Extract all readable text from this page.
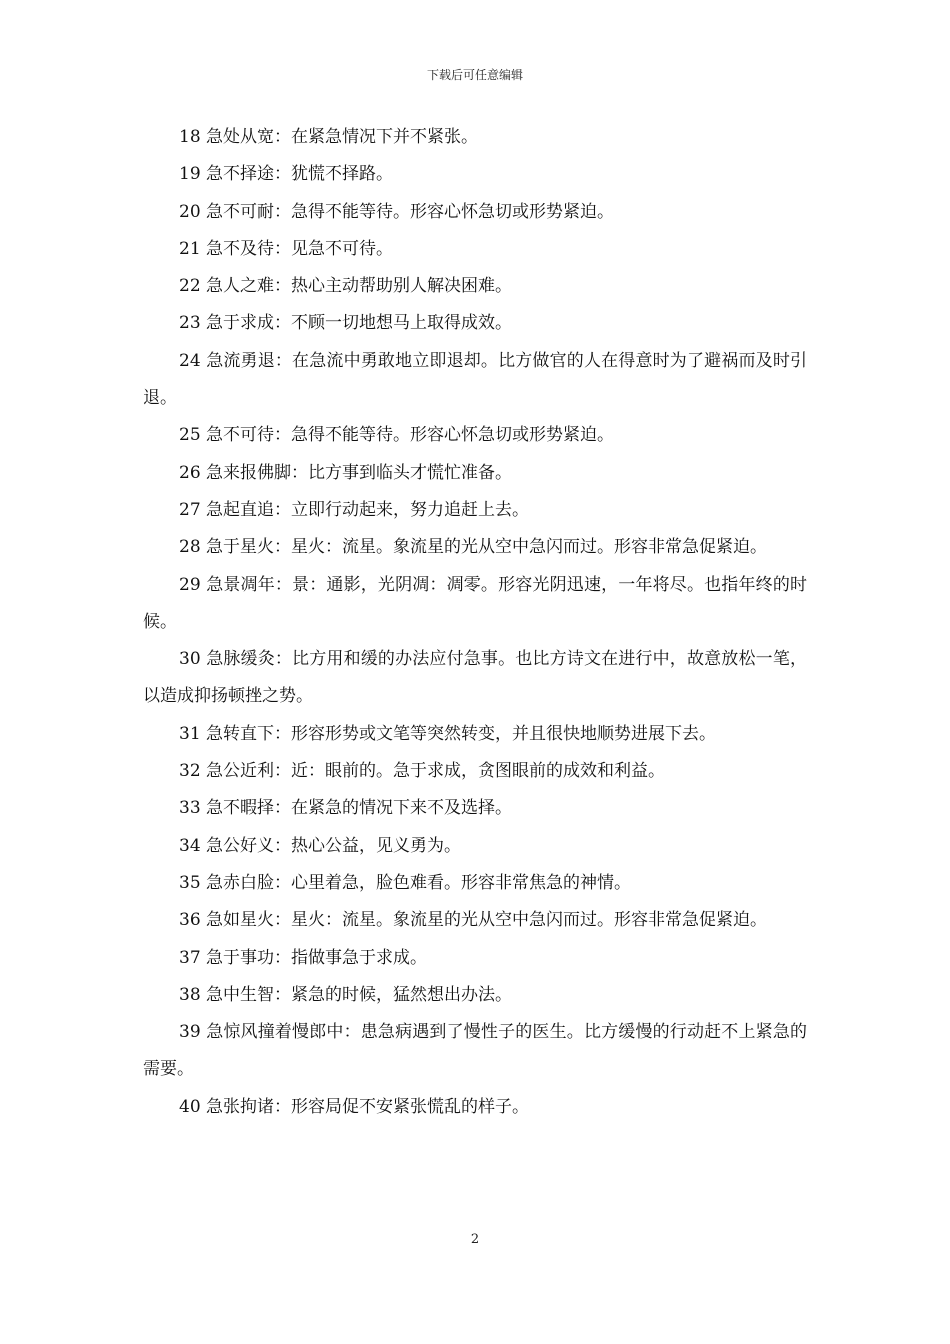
下载后可任意编辑

18 急处从宽：在紧急情况下并不紧张。

19 急不择途：犹慌不择路。

20 急不可耐：急得不能等待。形容心怀急切或形势紧迫。

21 急不及待：见急不可待。

22 急人之难：热心主动帮助别人解决困难。

23 急于求成：不顾一切地想马上取得成效。

24 急流勇退：在急流中勇敢地立即退却。比方做官的人在得意时为了避祸而及时引退。

25 急不可待：急得不能等待。形容心怀急切或形势紧迫。

26 急来报佛脚：比方事到临头才慌忙准备。

27 急起直追：立即行动起来，努力追赶上去。

28 急于星火：星火：流星。象流星的光从空中急闪而过。形容非常急促紧迫。

29 急景凋年：景：通影，光阴凋：凋零。形容光阴迅速，一年将尽。也指年终的时候。

30 急脉缓灸：比方用和缓的办法应付急事。也比方诗文在进行中，故意放松一笔，以造成抑扬顿挫之势。

31 急转直下：形容形势或文笔等突然转变，并且很快地顺势进展下去。

32 急公近利：近：眼前的。急于求成，贪图眼前的成效和利益。

33 急不暇择：在紧急的情况下来不及选择。

34 急公好义：热心公益，见义勇为。

35 急赤白脸：心里着急，脸色难看。形容非常焦急的神情。

36 急如星火：星火：流星。象流星的光从空中急闪而过。形容非常急促紧迫。

37 急于事功：指做事急于求成。

38 急中生智：紧急的时候，猛然想出办法。

39 急惊风撞着慢郎中：患急病遇到了慢性子的医生。比方缓慢的行动赶不上紧急的需要。

40 急张拘诸：形容局促不安紧张慌乱的样子。

2
